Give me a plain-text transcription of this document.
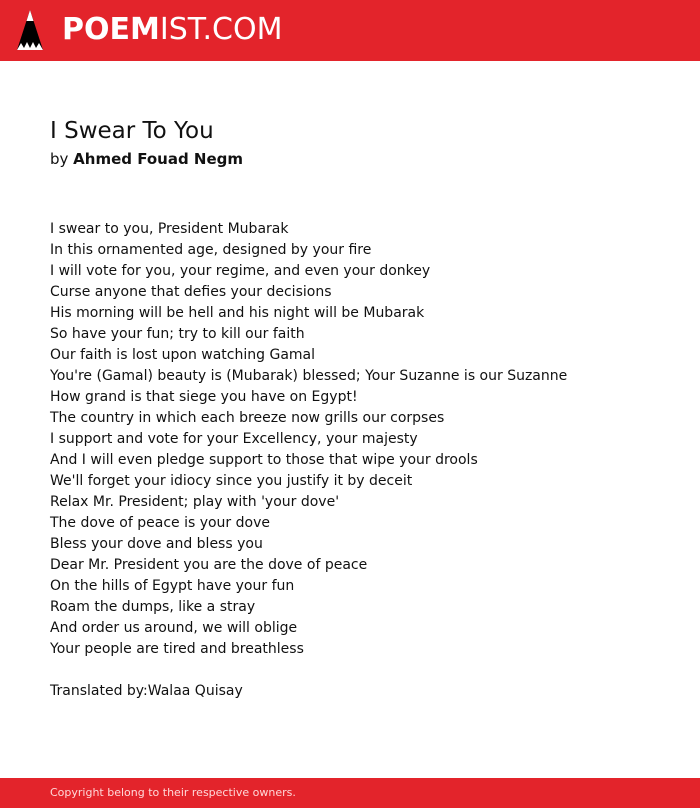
POEMIST.COM
I Swear To You
by Ahmed Fouad Negm
I swear to you, President Mubarak
In this ornamented age, designed by your fire
I will vote for you, your regime, and even your donkey
Curse anyone that defies your decisions
His morning will be hell and his night will be Mubarak
So have your fun; try to kill our faith
Our faith is lost upon watching Gamal
You're (Gamal) beauty is (Mubarak) blessed; Your Suzanne is our Suzanne
How grand is that siege you have on Egypt!
The country in which each breeze now grills our corpses
I support and vote for your Excellency, your majesty
And I will even pledge support to those that wipe your drools
We'll forget your idiocy since you justify it by deceit
Relax Mr. President; play with 'your dove'
The dove of peace is your dove
Bless your dove and bless you
Dear Mr. President you are the dove of peace
On the hills of Egypt have your fun
Roam the dumps, like a stray
And order us around, we will oblige
Your people are tired and breathless
Translated by:Walaa Quisay
Copyright belong to their respective owners.
